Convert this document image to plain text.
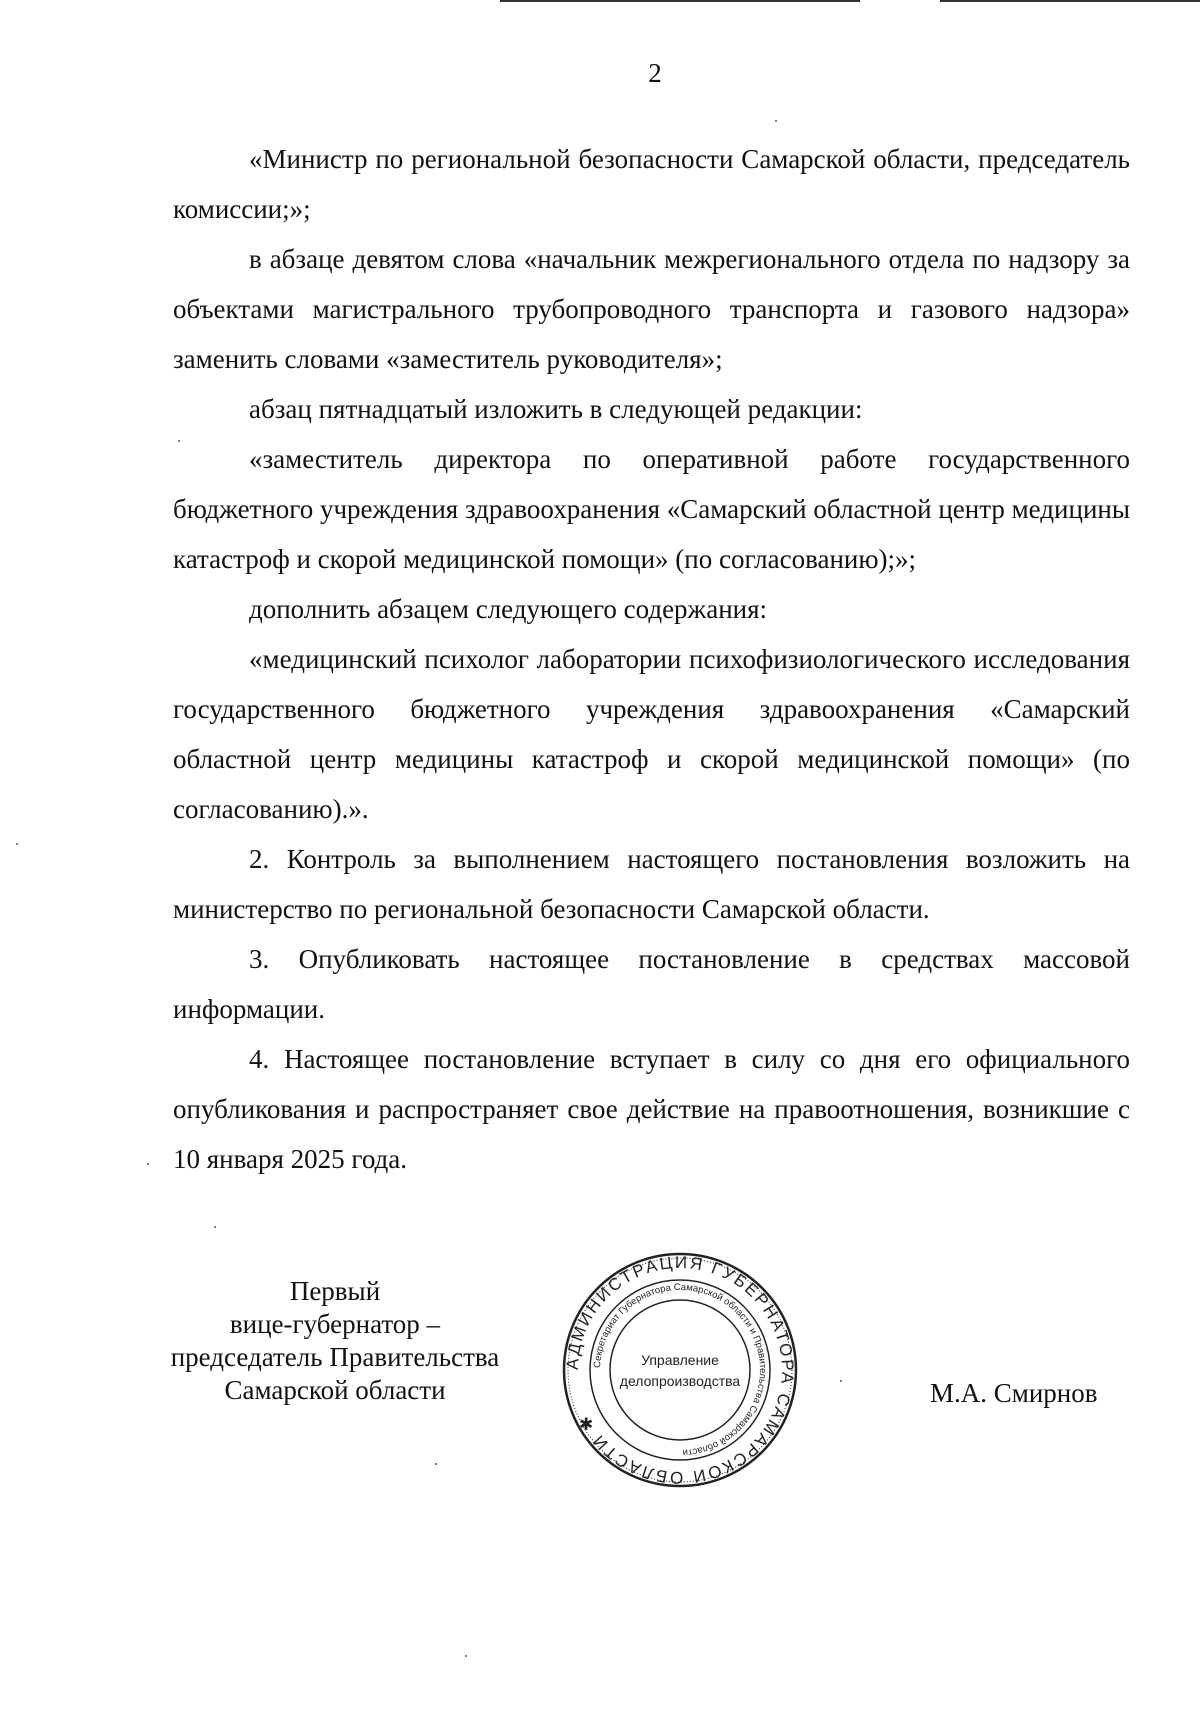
2

«Министр по региональной безопасности Самарской области, председатель комиссии;»;

в абзаце девятом слова «начальник межрегионального отдела по надзору за объектами магистрального трубопроводного транспорта и газового надзора» заменить словами «заместитель руководителя»;

абзац пятнадцатый изложить в следующей редакции:

«заместитель директора по оперативной работе государственного бюджетного учреждения здравоохранения «Самарский областной центр медицины катастроф и скорой медицинской помощи» (по согласованию);»;

дополнить абзацем следующего содержания:

«медицинский психолог лаборатории психофизиологического исследования государственного бюджетного учреждения здравоохранения «Самарский областной центр медицины катастроф и скорой медицинской помощи» (по согласованию).».

2. Контроль за выполнением настоящего постановления возложить на министерство по региональной безопасности Самарской области.

3. Опубликовать настоящее постановление в средствах массовой информации.

4. Настоящее постановление вступает в силу со дня его официального опубликования и распространяет свое действие на правоотношения, возникшие с 10 января 2025 года.

Первый
вице-губернатор –
председатель Правительства
Самарской области	М.А. Смирнов
АДМИНИСТРАЦИЯ ГУБЕРНАТОРА САМАРСКОЙ ОБЛАСТИ ✱
Секретариат Губернатора Самарской области и Правительства Самарской области
Управление
делопроизводства
